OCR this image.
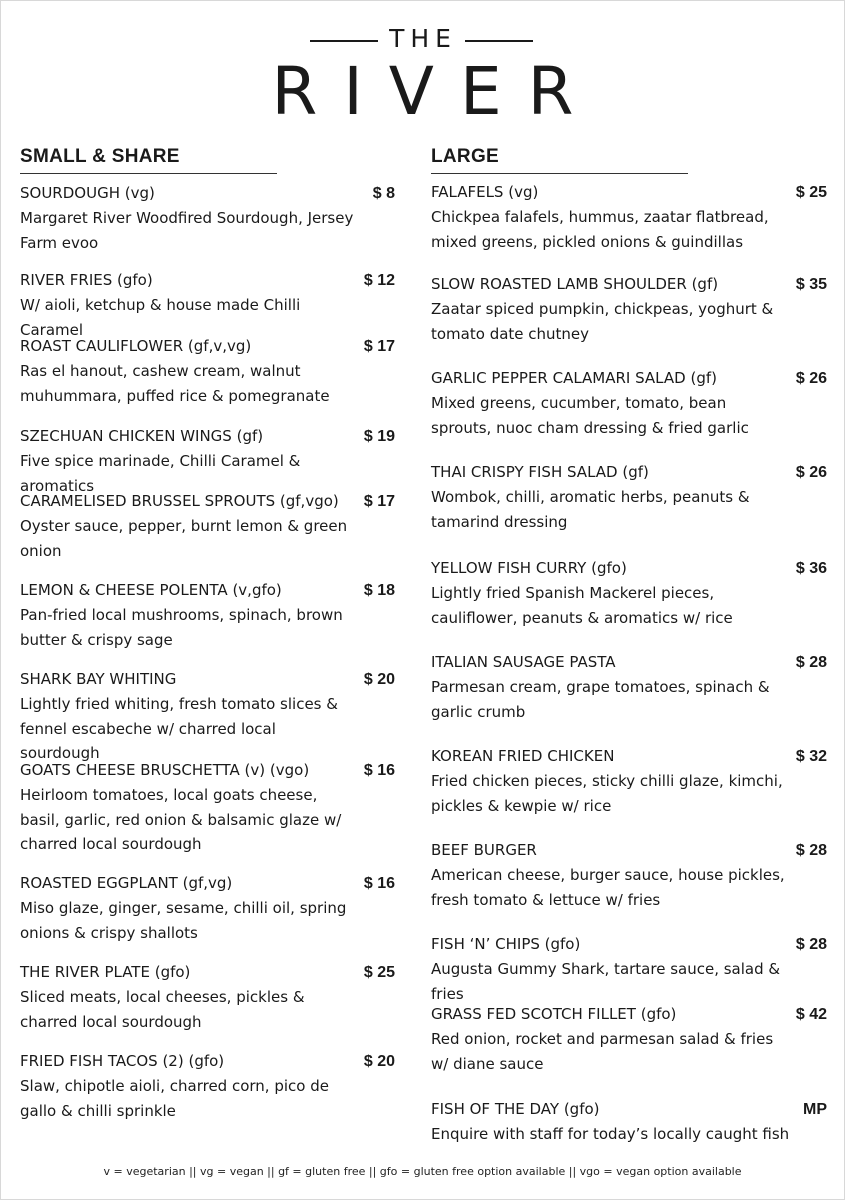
THE
RIVER
SMALL & SHARE	LARGE
v = vegetarian || vg = vegan || gf = gluten free || gfo = gluten free option available || vgo = vegan option available
SOURDOUGH (vg)	$ 8
Margaret River Woodfired Sourdough, Jersey Farm evoo
RIVER FRIES (gfo)	$ 12
W/ aioli, ketchup & house made Chilli Caramel
ROAST CAULIFLOWER (gf,v,vg)	$ 17
Ras el hanout, cashew cream, walnut muhummara, puffed rice & pomegranate
SZECHUAN CHICKEN WINGS (gf)	$ 19
Five spice marinade, Chilli Caramel & aromatics
CARAMELISED BRUSSEL SPROUTS (gf,vgo)	$ 17
Oyster sauce, pepper, burnt lemon & green onion
LEMON & CHEESE POLENTA (v,gfo)	$ 18
Pan-fried local mushrooms, spinach, brown butter & crispy sage
SHARK BAY WHITING	$ 20
Lightly fried whiting, fresh tomato slices & fennel escabeche w/ charred local sourdough
GOATS CHEESE BRUSCHETTA (v) (vgo)	$ 16
Heirloom tomatoes, local goats cheese, basil, garlic, red onion & balsamic glaze w/ charred local sourdough
ROASTED EGGPLANT (gf,vg)	$ 16
Miso glaze, ginger, sesame, chilli oil, spring onions & crispy shallots
THE RIVER PLATE (gfo)	$ 25
Sliced meats, local cheeses, pickles & charred local sourdough
FRIED FISH TACOS (2) (gfo)	$ 20
Slaw, chipotle aioli, charred corn, pico de gallo & chilli sprinkle
FALAFELS (vg)	$ 25
Chickpea falafels, hummus, zaatar flatbread, mixed greens, pickled onions & guindillas
SLOW ROASTED LAMB SHOULDER (gf)	$ 35
Zaatar spiced pumpkin, chickpeas, yoghurt & tomato date chutney
GARLIC PEPPER CALAMARI SALAD (gf)	$ 26
Mixed greens, cucumber, tomato, bean sprouts, nuoc cham dressing & fried garlic
THAI CRISPY FISH SALAD (gf)	$ 26
Wombok, chilli, aromatic herbs, peanuts & tamarind dressing
YELLOW FISH CURRY (gfo)	$ 36
Lightly fried Spanish Mackerel pieces, cauliflower, peanuts & aromatics w/ rice
ITALIAN SAUSAGE PASTA	$ 28
Parmesan cream, grape tomatoes, spinach & garlic crumb
KOREAN FRIED CHICKEN	$ 32
Fried chicken pieces, sticky chilli glaze, kimchi, pickles & kewpie w/ rice
BEEF BURGER	$ 28
American cheese, burger sauce, house pickles, fresh tomato & lettuce w/ fries
FISH ‘N’ CHIPS (gfo)	$ 28
Augusta Gummy Shark, tartare sauce, salad & fries
GRASS FED SCOTCH FILLET (gfo)	$ 42
Red onion, rocket and parmesan salad & fries w/ diane sauce
FISH OF THE DAY (gfo)	MP
Enquire with staff for today’s locally caught fish
